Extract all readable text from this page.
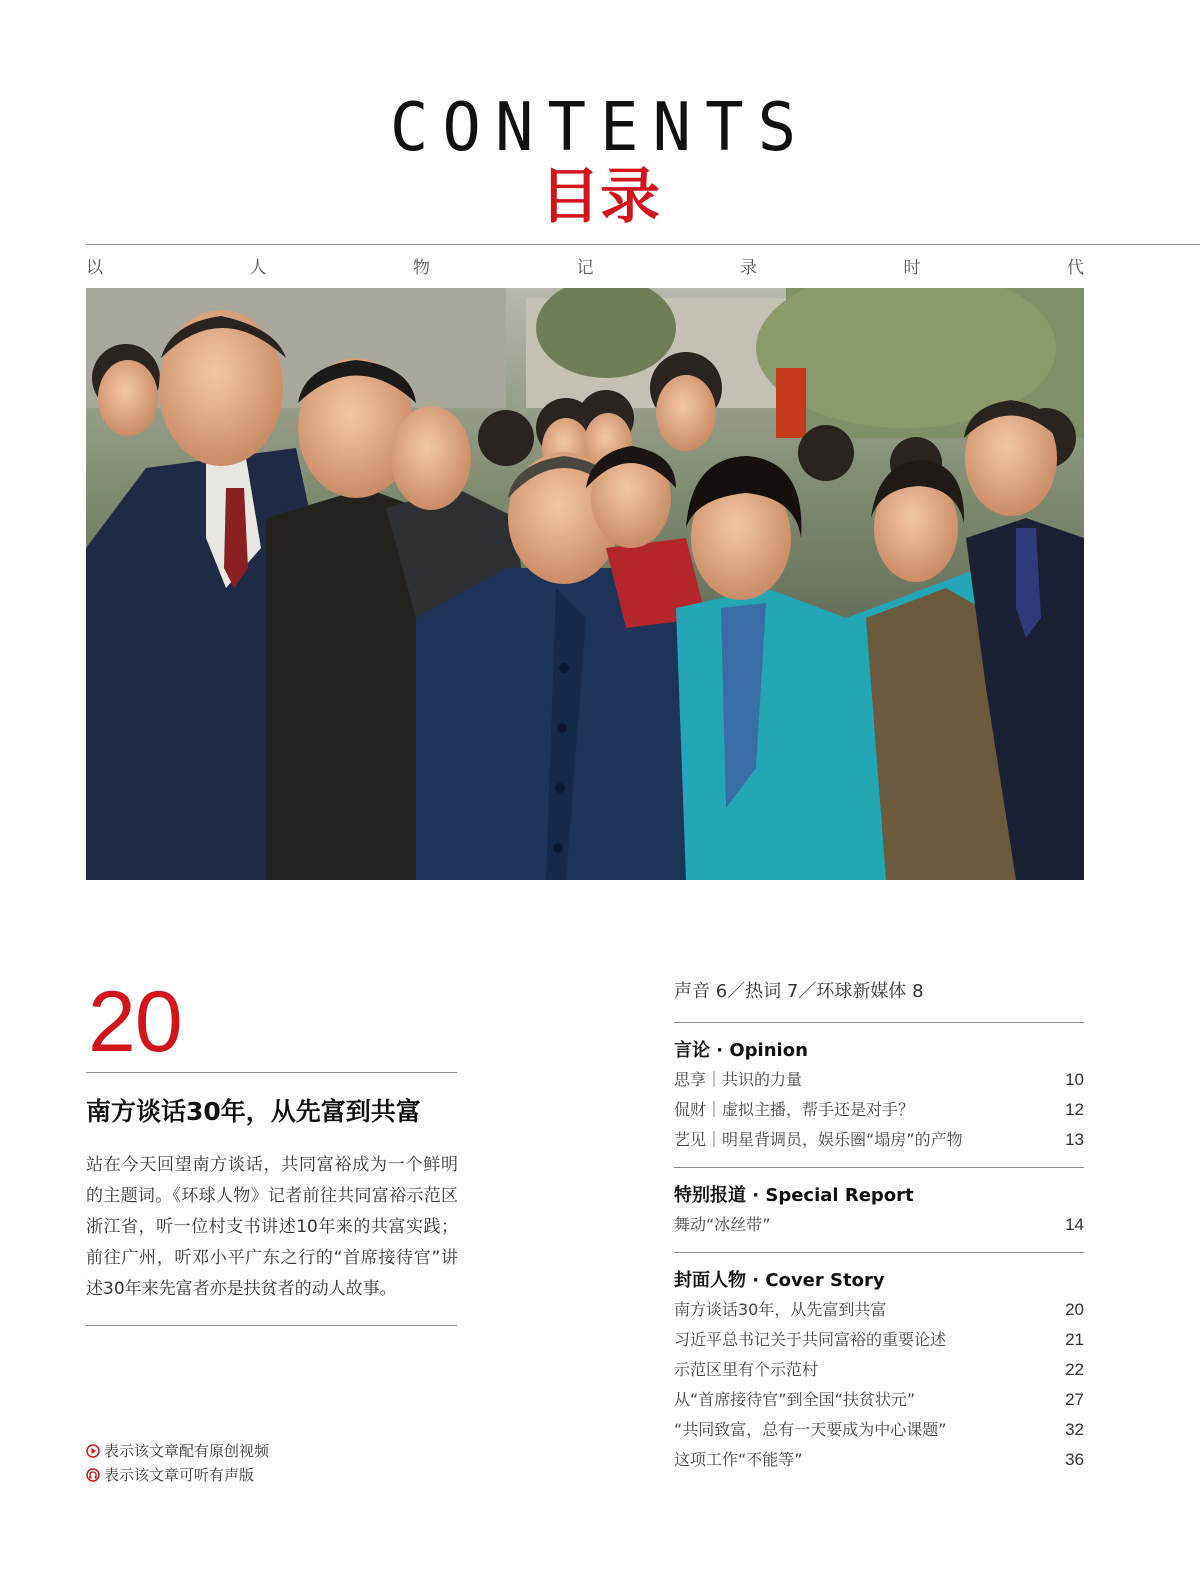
CONTENTS
目录
以	人	物	记	录	时	代
20
南方谈话30年，从先富到共富
站在今天回望南方谈话，共同富裕成为一个鲜明的主题词。《环球人物》记者前往共同富裕示范区浙江省，听一位村支书讲述10年来的共富实践；前往广州，听邓小平广东之行的“首席接待官”讲述30年来先富者亦是扶贫者的动人故事。
表示该文章配有原创视频
表示该文章可听有声版
声音 6／热词 7／环球新媒体 8
言论 · Opinion
思享｜共识的力量	10
侃财｜虚拟主播，帮手还是对手？	12
艺见｜明星背调员，娱乐圈“塌房”的产物	13
特别报道 · Special Report
舞动“冰丝带”	14
封面人物 · Cover Story
南方谈话30年，从先富到共富	20
习近平总书记关于共同富裕的重要论述	21
示范区里有个示范村	22
从“首席接待官”到全国“扶贫状元”	27
“共同致富，总有一天要成为中心课题”	32
这项工作“不能等”	36
